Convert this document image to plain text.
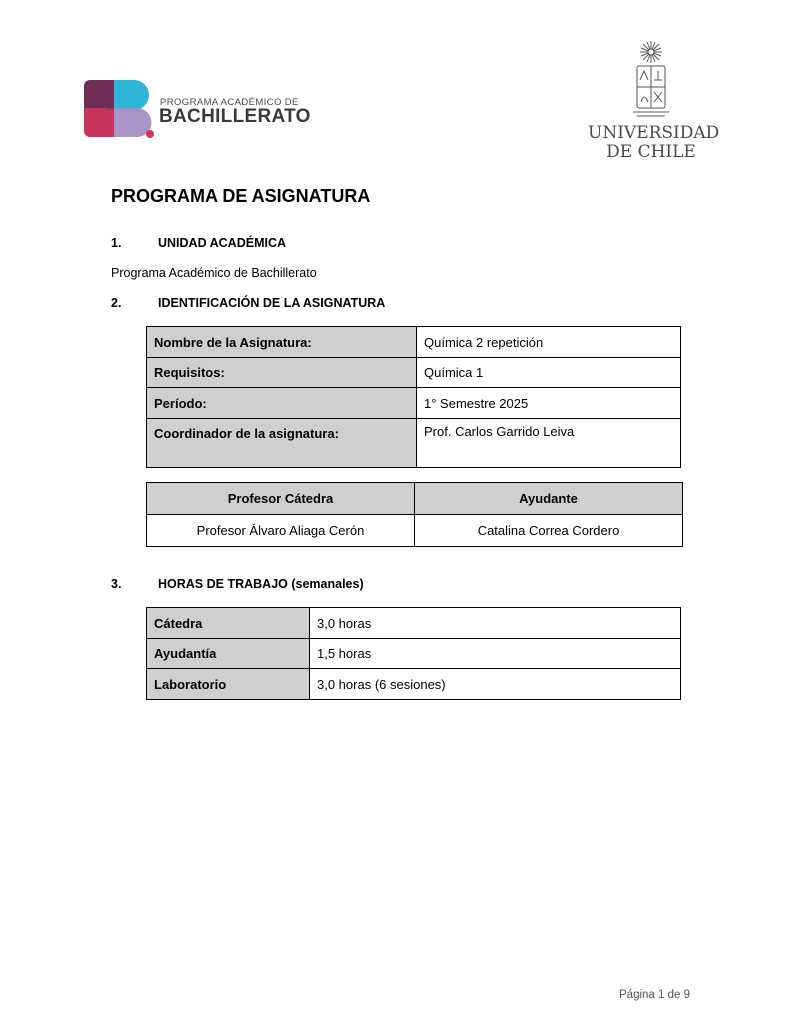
PROGRAMA ACADÉMICO DE
BACHILLERATO
UNIVERSIDAD
DE CHILE
PROGRAMA DE ASIGNATURA
1.	UNIDAD ACADÉMICA
Programa Académico de Bachillerato
2.	IDENTIFICACIÓN DE LA ASIGNATURA
Nombre de la Asignatura:	Química 2 repetición
Requisitos:	Química 1
Período:	1° Semestre 2025
Coordinador de la asignatura:	Prof. Carlos Garrido Leiva
Profesor Cátedra	Ayudante
Profesor Álvaro Aliaga Cerón	Catalina Correa Cordero
3.	HORAS DE TRABAJO (semanales)
Cátedra	3,0 horas
Ayudantía	1,5 horas
Laboratorio	3,0 horas (6 sesiones)
Página 1 de 9
